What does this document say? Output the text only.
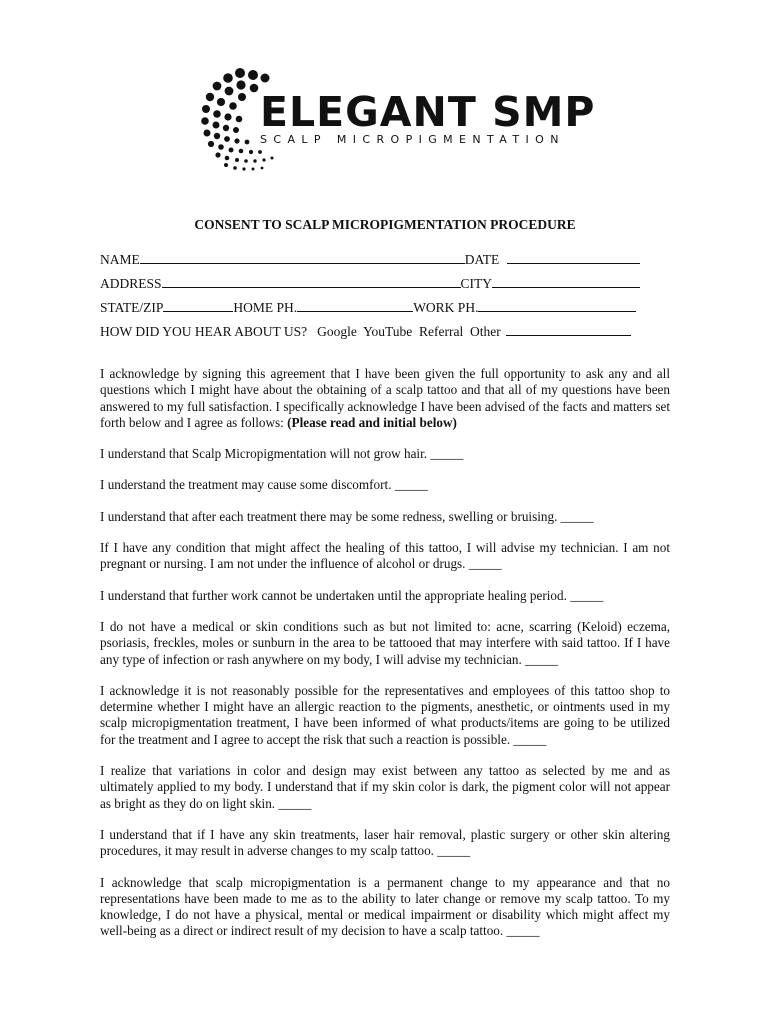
ELEGANT SMP
SCALP MICROPIGMENTATION
CONSENT TO SCALP MICROPIGMENTATION PROCEDURE
NAME	DATE
ADDRESS	CITY
STATE/ZIP	HOME PH.	WORK PH.
HOW DID YOU HEAR ABOUT US? Google  YouTube  Referral  Other

I acknowledge by signing this agreement that I have been given the full opportunity to ask any and all questions which I might have about the obtaining of a scalp tattoo and that all of my questions have been answered to my full satisfaction. I specifically acknowledge I have been advised of the facts and matters set forth below and I agree as follows: (Please read and initial below)

I understand that Scalp Micropigmentation will not grow hair. _____

I understand the treatment may cause some discomfort. _____

I understand that after each treatment there may be some redness, swelling or bruising. _____

If I have any condition that might affect the healing of this tattoo, I will advise my technician. I am not pregnant or nursing. I am not under the influence of alcohol or drugs. _____

I understand that further work cannot be undertaken until the appropriate healing period. _____

I do not have a medical or skin conditions such as but not limited to: acne, scarring (Keloid) eczema, psoriasis, freckles, moles or sunburn in the area to be tattooed that may interfere with said tattoo. If I have any type of infection or rash anywhere on my body, I will advise my technician. _____

I acknowledge it is not reasonably possible for the representatives and employees of this tattoo shop to determine whether I might have an allergic reaction to the pigments, anesthetic, or ointments used in my scalp micropigmentation treatment, I have been informed of what products/items are going to be utilized for the treatment and I agree to accept the risk that such a reaction is possible. _____

I realize that variations in color and design may exist between any tattoo as selected by me and as ultimately applied to my body. I understand that if my skin color is dark, the pigment color will not appear as bright as they do on light skin. _____

I understand that if I have any skin treatments, laser hair removal, plastic surgery or other skin altering procedures, it may result in adverse changes to my scalp tattoo. _____

I acknowledge that scalp micropigmentation is a permanent change to my appearance and that no representations have been made to me as to the ability to later change or remove my scalp tattoo. To my knowledge, I do not have a physical, mental or medical impairment or disability which might affect my well-being as a direct or indirect result of my decision to have a scalp tattoo. _____
